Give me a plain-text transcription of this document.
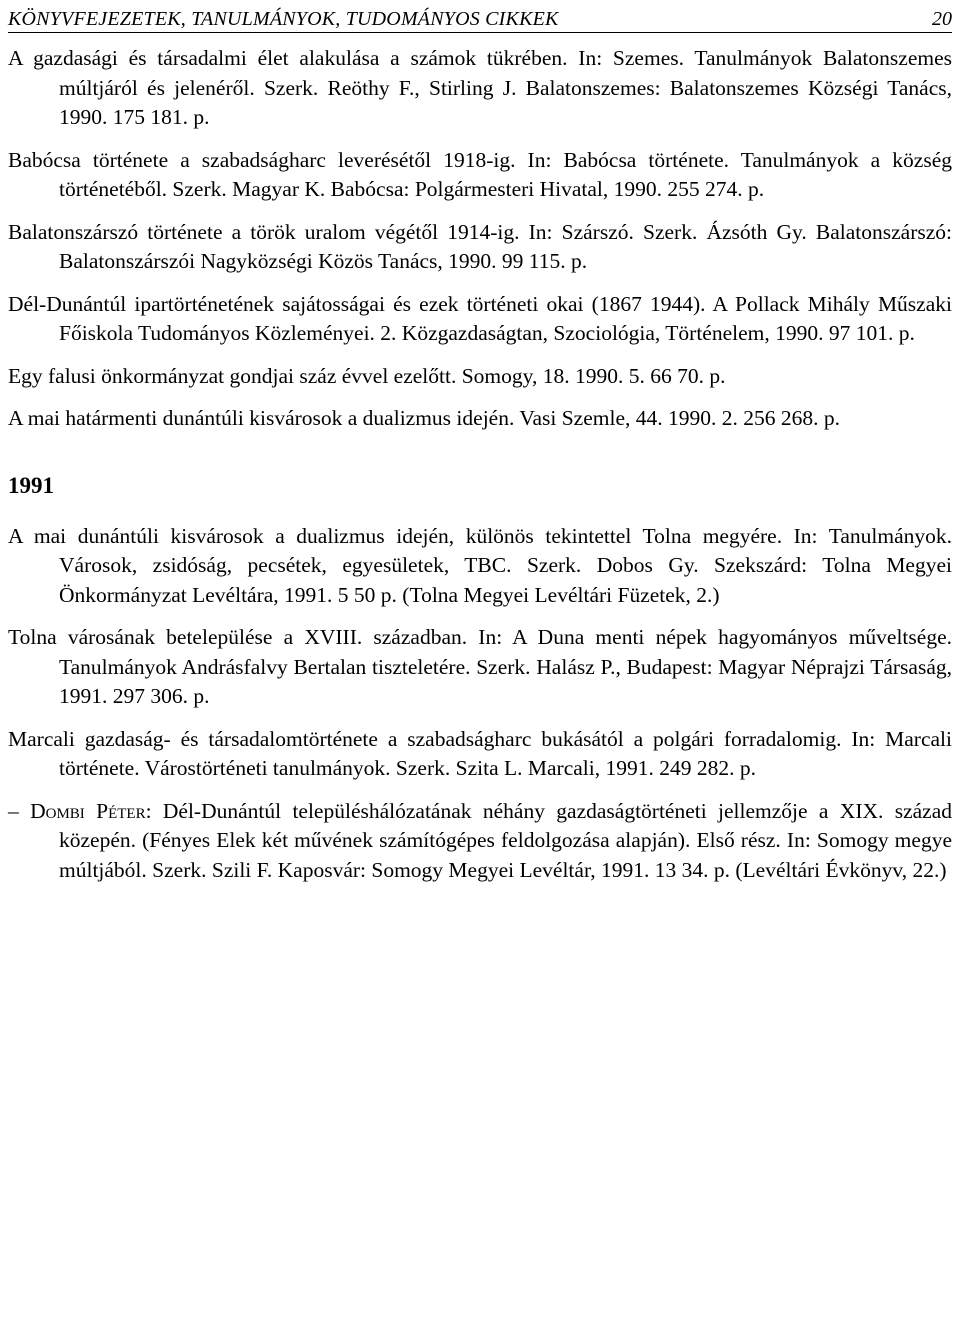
KÖNYVFEJEZETEK, TANULMÁNYOK, TUDOMÁNYOS CIKKEK	20

A gazdasági és társadalmi élet alakulása a számok tükrében. In: Szemes. Tanulmányok Balatonszemes múltjáról és jelenéről. Szerk. Reöthy F., Stirling J. Balatonszemes: Balatonszemes Községi Tanács, 1990. 175 181. p.

Babócsa története a szabadságharc leverésétől 1918-ig. In: Babócsa története. Tanulmányok a község történetéből. Szerk. Magyar K. Babócsa: Polgármesteri Hivatal, 1990. 255 274. p.

Balatonszárszó története a török uralom végétől 1914-ig. In: Szárszó. Szerk. Ázsóth Gy. Balatonszárszó: Balatonszárszói Nagyközségi Közös Tanács, 1990. 99 115. p.

Dél-Dunántúl ipartörténetének sajátosságai és ezek történeti okai (1867 1944). A Pollack Mihály Műszaki Főiskola Tudományos Közleményei. 2. Közgazdaságtan, Szociológia, Történelem, 1990. 97 101. p.

Egy falusi önkormányzat gondjai száz évvel ezelőtt. Somogy, 18. 1990. 5. 66 70. p.

A mai határmenti dunántúli kisvárosok a dualizmus idején. Vasi Szemle, 44. 1990. 2. 256 268. p.

1991

A mai dunántúli kisvárosok a dualizmus idején, különös tekintettel Tolna megyére. In: Tanulmányok. Városok, zsidóság, pecsétek, egyesületek, TBC. Szerk. Dobos Gy. Szekszárd: Tolna Megyei Önkormányzat Levéltára, 1991. 5 50 p. (Tolna Megyei Levéltári Füzetek, 2.)

Tolna városának betelepülése a XVIII. században. In: A Duna menti népek hagyományos műveltsége. Tanulmányok Andrásfalvy Bertalan tiszteletére. Szerk. Halász P., Budapest: Magyar Néprajzi Társaság, 1991. 297 306. p.

Marcali gazdaság- és társadalomtörténete a szabadságharc bukásától a polgári forradalomig. In: Marcali története. Várostörténeti tanulmányok. Szerk. Szita L. Marcali, 1991. 249 282. p.

– Dombi Péter: Dél-Dunántúl településhálózatának néhány gazdaságtörténeti jellemzője a XIX. század közepén. (Fényes Elek két művének számítógépes feldolgozása alapján). Első rész. In: Somogy megye múltjából. Szerk. Szili F. Kaposvár: Somogy Megyei Levéltár, 1991. 13 34. p. (Levéltári Évkönyv, 22.)
